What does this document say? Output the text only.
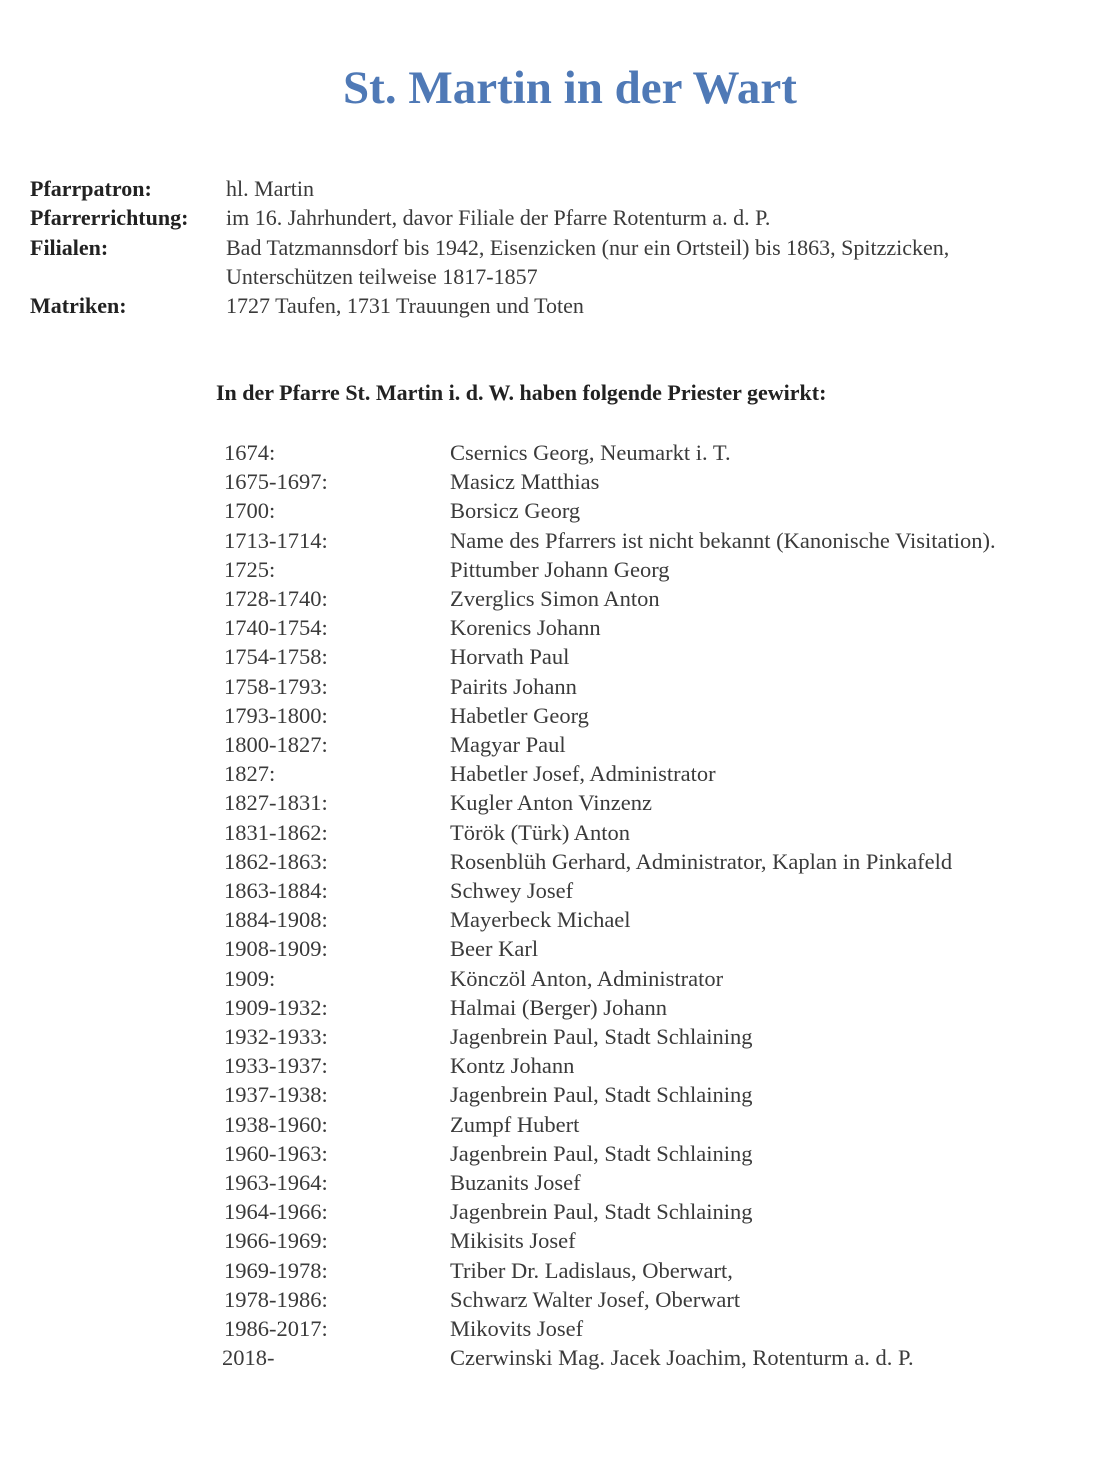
St. Martin in der Wart
Pfarrpatron:	hl. Martin
Pfarrerrichtung:	im 16. Jahrhundert, davor Filiale der Pfarre Rotenturm a. d. P.
Filialen:	Bad Tatzmannsdorf bis 1942, Eisenzicken (nur ein Ortsteil) bis 1863, Spitzzicken, Unterschützen teilweise 1817-1857
Matriken:	1727 Taufen, 1731 Trauungen und Toten
In der Pfarre St. Martin i. d. W. haben folgende Priester gewirkt:
1674:	Csernics Georg, Neumarkt i. T.
1675-1697:	Masicz Matthias
1700:	Borsicz Georg
1713-1714:	Name des Pfarrers ist nicht bekannt (Kanonische Visitation).
1725:	Pittumber Johann Georg
1728-1740:	Zverglics Simon Anton
1740-1754:	Korenics Johann
1754-1758:	Horvath Paul
1758-1793:	Pairits Johann
1793-1800:	Habetler Georg
1800-1827:	Magyar Paul
1827:	Habetler Josef, Administrator
1827-1831:	Kugler Anton Vinzenz
1831-1862:	Török (Türk) Anton
1862-1863:	Rosenblüh Gerhard, Administrator, Kaplan in Pinkafeld
1863-1884:	Schwey Josef
1884-1908:	Mayerbeck Michael
1908-1909:	Beer Karl
1909:	Könczöl Anton, Administrator
1909-1932:	Halmai (Berger) Johann
1932-1933:	Jagenbrein Paul, Stadt Schlaining
1933-1937:	Kontz Johann
1937-1938:	Jagenbrein Paul, Stadt Schlaining
1938-1960:	Zumpf Hubert
1960-1963:	Jagenbrein Paul, Stadt Schlaining
1963-1964:	Buzanits Josef
1964-1966:	Jagenbrein Paul, Stadt Schlaining
1966-1969:	Mikisits Josef
1969-1978:	Triber Dr. Ladislaus, Oberwart,
1978-1986:	Schwarz Walter Josef, Oberwart
1986-2017:	Mikovits Josef
2018-	Czerwinski Mag. Jacek Joachim, Rotenturm a. d. P.
